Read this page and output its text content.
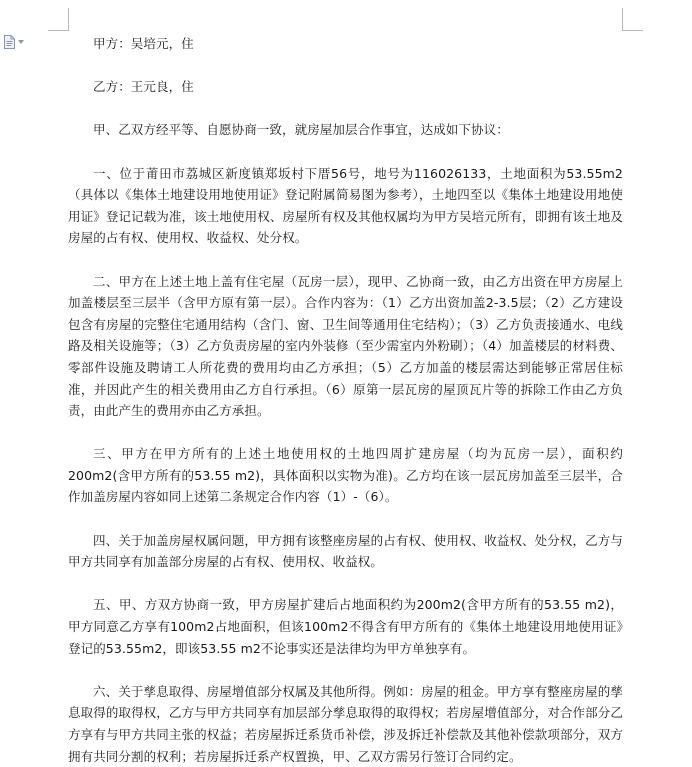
甲方：吴培元，住

乙方：王元良，住

甲、乙双方经平等、自愿协商一致，就房屋加层合作事宜，达成如下协议：

一、位于莆田市荔城区新度镇郑坂村下厝56号，地号为116026133，土地面积为53.55m2（具体以《集体土地建设用地使用证》登记附属简易图为参考），土地四至以《集体土地建设用地使用证》登记记载为准，该土地使用权、房屋所有权及其他权属均为甲方吴培元所有，即拥有该土地及房屋的占有权、使用权、收益权、处分权。

二、甲方在上述土地上盖有住宅屋（瓦房一层），现甲、乙协商一致，由乙方出资在甲方房屋上加盖楼层至三层半（含甲方原有第一层）。合作内容为：（1）乙方出资加盖2-3.5层；（2）乙方建设包含有房屋的完整住宅通用结构（含门、窗、卫生间等通用住宅结构）；（3）乙方负责接通水、电线路及相关设施等；（3）乙方负责房屋的室内外装修（至少需室内外粉刷）；（4）加盖楼层的材料费、零部件设施及聘请工人所花费的费用均由乙方承担；（5）乙方加盖的楼层需达到能够正常居住标准，并因此产生的相关费用由乙方自行承担。（6）原第一层瓦房的屋顶瓦片等的拆除工作由乙方负责，由此产生的费用亦由乙方承担。

三、甲方在甲方所有的上述土地使用权的土地四周扩建房屋（均为瓦房一层），面积约200m2(含甲方所有的53.55 m2)，具体面积以实物为准)。乙方均在该一层瓦房加盖至三层半，合作加盖房屋内容如同上述第二条规定合作内容（1）-（6）。

四、关于加盖房屋权属问题，甲方拥有该整座房屋的占有权、使用权、收益权、处分权，乙方与甲方共同享有加盖部分房屋的占有权、使用权、收益权。

五、甲、方双方协商一致，甲方房屋扩建后占地面积约为200m2(含甲方所有的53.55 m2)，甲方同意乙方享有100m2占地面积，但该100m2不得含有甲方所有的《集体土地建设用地使用证》登记的53.55m2，即该53.55 m2不论事实还是法律均为甲方单独享有。

六、关于孳息取得、房屋增值部分权属及其他所得。例如：房屋的租金。甲方享有整座房屋的孳息取得的取得权，乙方与甲方共同享有加层部分孳息取得的取得权；若房屋增值部分，对合作部分乙方享有与甲方共同主张的权益；若房屋拆迁系货币补偿，涉及拆迁补偿款及其他补偿款项部分，双方拥有共同分割的权利；若房屋拆迁系产权置换，甲、乙双方需另行签订合同约定。
